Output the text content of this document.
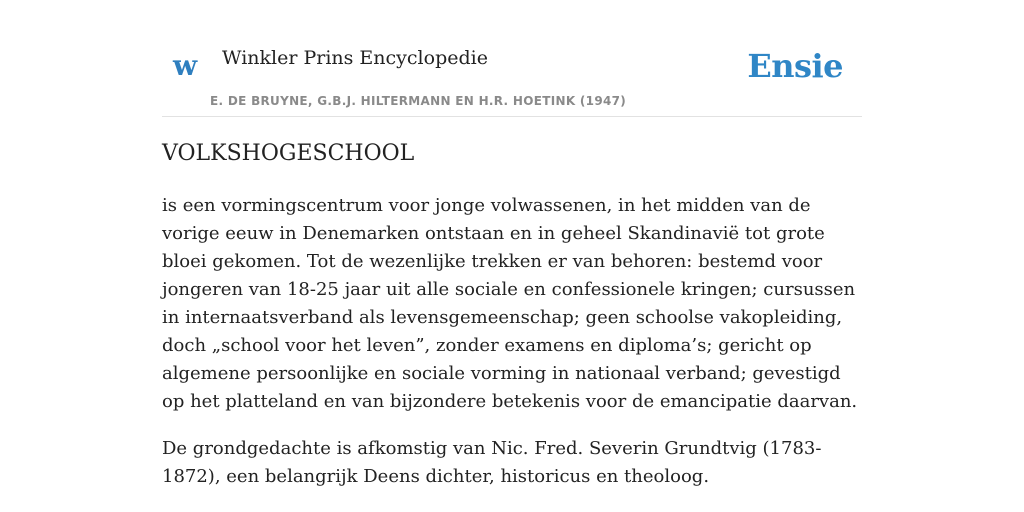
w Winkler Prins Encyclopedie
E. DE BRUYNE, G.B.J. HILTERMANN EN H.R. HOETINK (1947)
Ensie
VOLKSHOGESCHOOL

is een vormingscentrum voor jonge volwassenen, in het midden van de vorige eeuw in Denemarken ontstaan en in geheel Skandinavië tot grote bloei gekomen. Tot de wezenlijke trekken er van behoren: bestemd voor jongeren van 18-25 jaar uit alle sociale en confessionele kringen; cursussen in internaatsverband als levensgemeenschap; geen schoolse vakopleiding, doch „school voor het leven”, zonder examens en diploma’s; gericht op algemene persoonlijke en sociale vorming in nationaal verband; gevestigd op het platteland en van bijzondere betekenis voor de emancipatie daarvan.

De grondgedachte is afkomstig van Nic. Fred. Severin Grundtvig (1783-1872), een belangrijk Deens dichter, historicus en theoloog.
